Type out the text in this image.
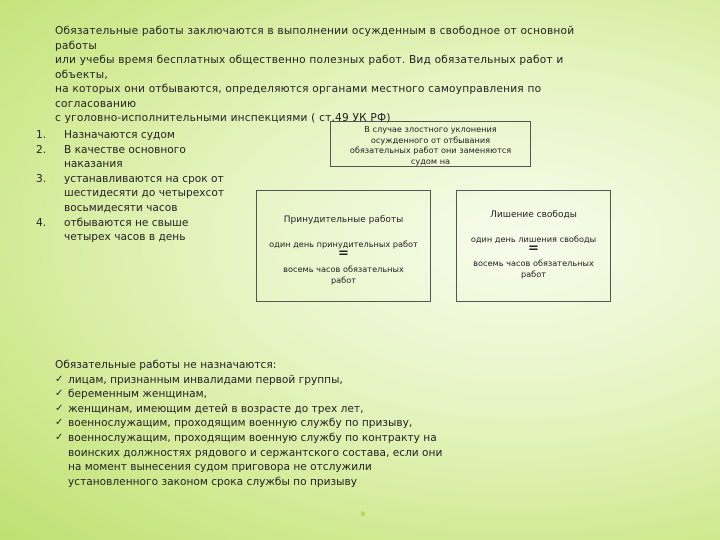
Обязательные работы заключаются в выполнении осужденным в свободное от основной работы
или учебы время бесплатных общественно полезных работ. Вид обязательных работ и объекты,
на которых они отбываются, определяются органами местного самоуправления по согласованию
с уголовно-исполнительными инспекциями ( ст.49 УК РФ)
1. Назначаются судом
2. В качестве основного
наказания
3. устанавливаются на срок от
шестидесяти до четырехсот
восьмидесяти часов
4. отбываются не свыше
четырех часов в день
В случае злостного уклонения
осужденного от отбывания
обязательных работ они заменяются
судом на
Принудительные работы
один день принудительных работ
=
восемь часов обязательных
работ
Лишение свободы
один день лишения свободы
=
восемь часов обязательных
работ
Обязательные работы не назначаются:
✓ лицам, признанным инвалидами первой группы,
✓ беременным женщинам,
✓ женщинам, имеющим детей в возрасте до трех лет,
✓ военнослужащим, проходящим военную службу по призыву,
✓ военнослужащим, проходящим военную службу по контракту на
воинских должностях рядового и сержантского состава, если они
на момент вынесения судом приговора не отслужили
установленного законом срока службы по призыву
*
